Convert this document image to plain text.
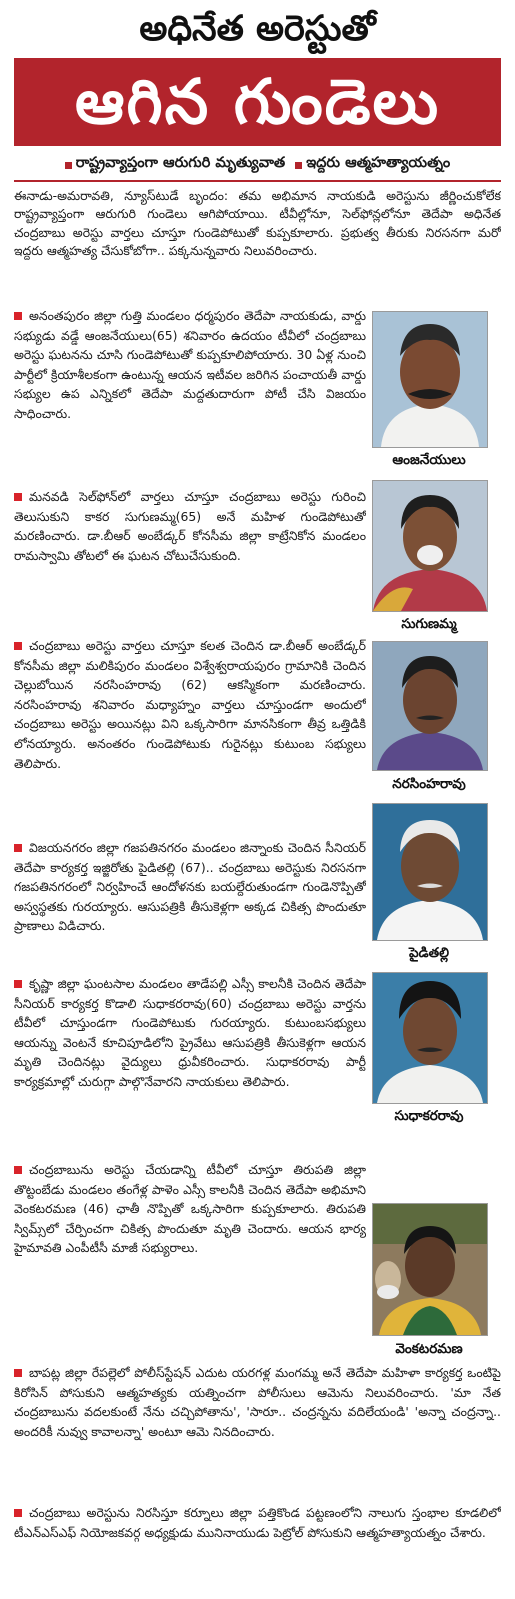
అధినేత అరెస్టుతో
ఆగిన గుండెలు
రాష్ట్రవ్యాప్తంగా ఆరుగురి మృత్యువాత ఇద్దరు ఆత్మహత్యాయత్నం
ఈనాడు-అమరావతి, న్యూస్‌టుడే బృందం: తమ అభిమాన నాయకుడి అరెస్టును జీర్ణించుకోలేక రాష్ట్రవ్యాప్తంగా ఆరుగురి గుండెలు ఆగిపోయాయి. టీవీల్లోనూ, సెల్‌ఫోన్లలోనూ తెదేపా అధినేత చంద్రబాబు అరెస్టు వార్తలు చూస్తూ గుండెపోటుతో కుప్పకూలారు. ప్రభుత్వ తీరుకు నిరసనగా మరో ఇద్దరు ఆత్మహత్య చేసుకోబోగా.. పక్కనున్నవారు నిలువరించారు.
అనంతపురం జిల్లా గుత్తి మండలం ధర్మపురం తెదేపా నాయకుడు, వార్డు సభ్యుడు వడ్డే ఆంజనేయులు(65) శనివారం ఉదయం టీవీలో చంద్రబాబు అరెస్టు ఘటనను చూసి గుండెపోటుతో కుప్పకూలిపోయారు. 30 ఏళ్ల నుంచి పార్టీలో క్రియాశీలకంగా ఉంటున్న ఆయన ఇటీవల జరిగిన పంచాయతీ వార్డు సభ్యుల ఉప ఎన్నికలో తెదేపా మద్దతుదారుగా పోటీ చేసి విజయం సాధించారు.
ఆంజనేయులు
మనవడి సెల్‌ఫోన్‌లో వార్తలు చూస్తూ చంద్రబాబు అరెస్టు గురించి తెలుసుకుని కాకర సుగుణమ్మ(65) అనే మహిళ గుండెపోటుతో మరణించారు. డా.బీఆర్ అంబేడ్కర్ కోనసీమ జిల్లా కాట్రేనికోన మండలం రామస్వామి తోటలో ఈ ఘటన చోటుచేసుకుంది.
సుగుణమ్మ
చంద్రబాబు అరెస్టు వార్తలు చూస్తూ కలత చెందిన డా.బీఆర్ అంబేడ్కర్ కోనసీమ జిల్లా మలికిపురం మండలం విశ్వేశ్వరాయపురం గ్రామానికి చెందిన చెల్లుబోయిన నరసింహరావు (62) ఆకస్మికంగా మరణించారు. నరసింహరావు శనివారం మధ్యాహ్నం వార్తలు చూస్తుండగా అందులో చంద్రబాబు అరెస్టు అయినట్లు విని ఒక్కసారిగా మానసికంగా తీవ్ర ఒత్తిడికి లోనయ్యారు. అనంతరం గుండెపోటుకు గురైనట్లు కుటుంబ సభ్యులు తెలిపారు.
నరసింహరావు
విజయనగరం జిల్లా గజపతినగరం మండలం జిన్నాంకు చెందిన సీనియర్ తెదేపా కార్యకర్త ఇజ్జిరోతు పైడితల్లి (67).. చంద్రబాబు అరెస్టుకు నిరసనగా గజపతినగరంలో నిర్వహించే ఆందోళనకు బయల్దేరుతుండగా గుండెనొప్పితో అస్వస్థతకు గురయ్యారు. ఆసుపత్రికి తీసుకెళ్లగా అక్కడ చికిత్స పొందుతూ ప్రాణాలు విడిచారు.
పైడితల్లి
కృష్ణా జిల్లా ఘంటసాల మండలం తాడేపల్లి ఎస్సీ కాలనీకి చెందిన తెదేపా సీనియర్ కార్యకర్త కొడాలి సుధాకరరావు(60) చంద్రబాబు అరెస్టు వార్తను టీవీలో చూస్తుండగా గుండెపోటుకు గురయ్యారు. కుటుంబసభ్యులు ఆయన్ను వెంటనే కూచిపూడిలోని ప్రైవేటు ఆసుపత్రికి తీసుకెళ్లగా ఆయన మృతి చెందినట్లు వైద్యులు ధ్రువీకరించారు. సుధాకరరావు పార్టీ కార్యక్రమాల్లో చురుగ్గా పాల్గొనేవారని నాయకులు తెలిపారు.
సుధాకరరావు
చంద్రబాబును అరెస్టు చేయడాన్ని టీవీలో చూస్తూ తిరుపతి జిల్లా తొట్టంబేడు మండలం తంగేళ్ల పాళెం ఎస్సీ కాలనీకి చెందిన తెదేపా అభిమాని వెంకటరమణ (46) ఛాతీ నొప్పితో ఒక్కసారిగా కుప్పకూలారు. తిరుపతి స్విమ్స్‌లో చేర్పించగా చికిత్స పొందుతూ మృతి చెందారు. ఆయన భార్య హైమావతి ఎంపీటీసీ మాజీ సభ్యురాలు.
వెంకటరమణ
బాపట్ల జిల్లా రేపల్లెలో పోలీస్‌స్టేషన్ ఎదుట యరగళ్ల మంగమ్మ అనే తెదేపా మహిళా కార్యకర్త ఒంటిపై కిరోసిన్ పోసుకుని ఆత్మహత్యకు యత్నించగా పోలీసులు ఆమెను నిలువరించారు. 'మా నేత చంద్రబాబును వదలకుంటే నేను చచ్చిపోతాను', 'సారూ.. చంద్రన్నను వదిలేయండి' 'అన్నా చంద్రన్నా.. అందరికీ నువ్వు కావాలన్నా' అంటూ ఆమె నినదించారు.
చంద్రబాబు అరెస్టును నిరసిస్తూ కర్నూలు జిల్లా పత్తికొండ పట్టణంలోని నాలుగు స్తంభాల కూడలిలో టీఎన్ఎస్ఎఫ్ నియోజకవర్గ అధ్యక్షుడు మునినాయుడు పెట్రోల్ పోసుకుని ఆత్మహత్యాయత్నం చేశారు.
